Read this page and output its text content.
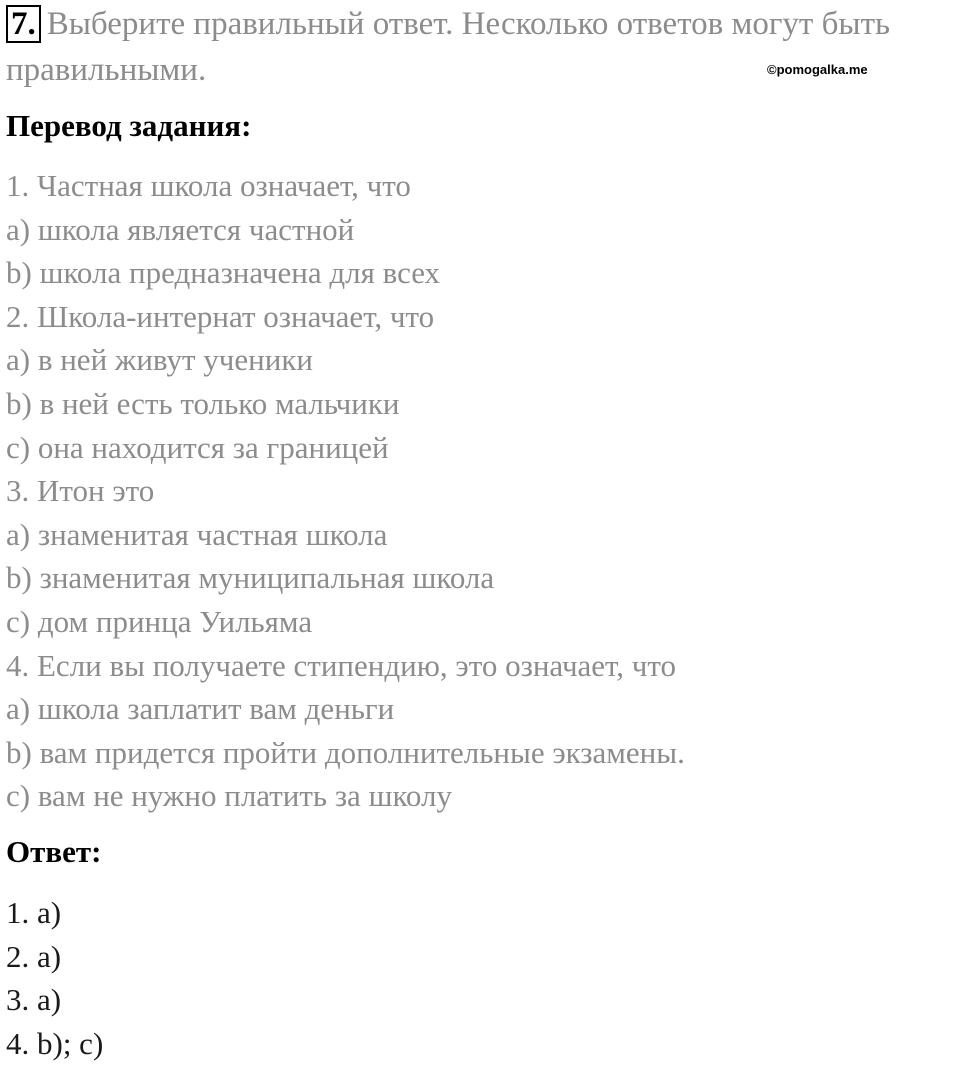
7. Выберите правильный ответ. Несколько ответов могут быть
правильными.	©pomogalka.me
Перевод задания:
1. Частная школа означает, что
a) школа является частной
b) школа предназначена для всех
2. Школа-интернат означает, что
a) в ней живут ученики
b) в ней есть только мальчики
c) она находится за границей
3. Итон это
a) знаменитая частная школа
b) знаменитая муниципальная школа
c) дом принца Уильяма
4. Если вы получаете стипендию, это означает, что
a) школа заплатит вам деньги
b) вам придется пройти дополнительные экзамены.
c) вам не нужно платить за школу
Ответ:
1. a)
2. a)
3. a)
4. b); c)
